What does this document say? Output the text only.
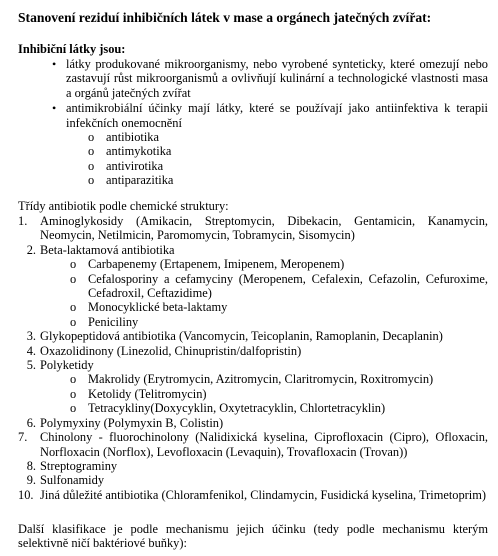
Stanovení reziduí inhibičních látek v mase a orgánech jatečných zvířat:
Inhibiční látky jsou:
• látky produkované mikroorganismy, nebo vyrobené synteticky, které omezují nebo zastavují růst mikroorganismů a ovlivňují kulinární a technologické vlastnosti masa a orgánů jatečných zvířat
• antimikrobiální účinky mají látky, které se používají jako antiinfektiva k terapii infekčních onemocnění
o antibiotika
o antimykotika
o antivirotika
o antiparazitika
Třídy antibiotik podle chemické struktury:
1.	Aminoglykosidy (Amikacin, Streptomycin, Dibekacin, Gentamicin, Kanamycin, Neomycin, Netilmicin, Paromomycin, Tobramycin, Sisomycin)
2. Beta-laktamová antibiotika
o Carbapenemy (Ertapenem, Imipenem, Meropenem)
o Cefalosporiny a cefamyciny (Meropenem, Cefalexin, Cefazolin, Cefuroxime, Cefadroxil, Ceftazidime)
o Monocyklické beta-laktamy
o Peniciliny
3. Glykopeptidová antibiotika (Vancomycin, Teicoplanin, Ramoplanin, Decaplanin)
4. Oxazolidinony (Linezolid, Chinupristin/dalfopristin)
5. Polyketidy
o Makrolidy (Erytromycin, Azitromycin, Claritromycin, Roxitromycin)
o Ketolidy (Telitromycin)
o Tetracykliny(Doxycyklin, Oxytetracyklin, Chlortetracyklin)
6. Polymyxiny (Polymyxin B, Colistin)
7.	Chinolony - fluorochinolony (Nalidixická kyselina, Ciprofloxacin (Cipro), Ofloxacin, Norfloxacin (Norflox), Levofloxacin (Levaquin), Trovafloxacin (Trovan))
8. Streptograminy
9. Sulfonamidy
10. Jiná důležité antibiotika (Chloramfenikol, Clindamycin, Fusidická kyselina, Trimetoprim)
Další klasifikace je podle mechanismu jejich účinku (tedy podle mechanismu kterým selektivně ničí baktériové buňky):
